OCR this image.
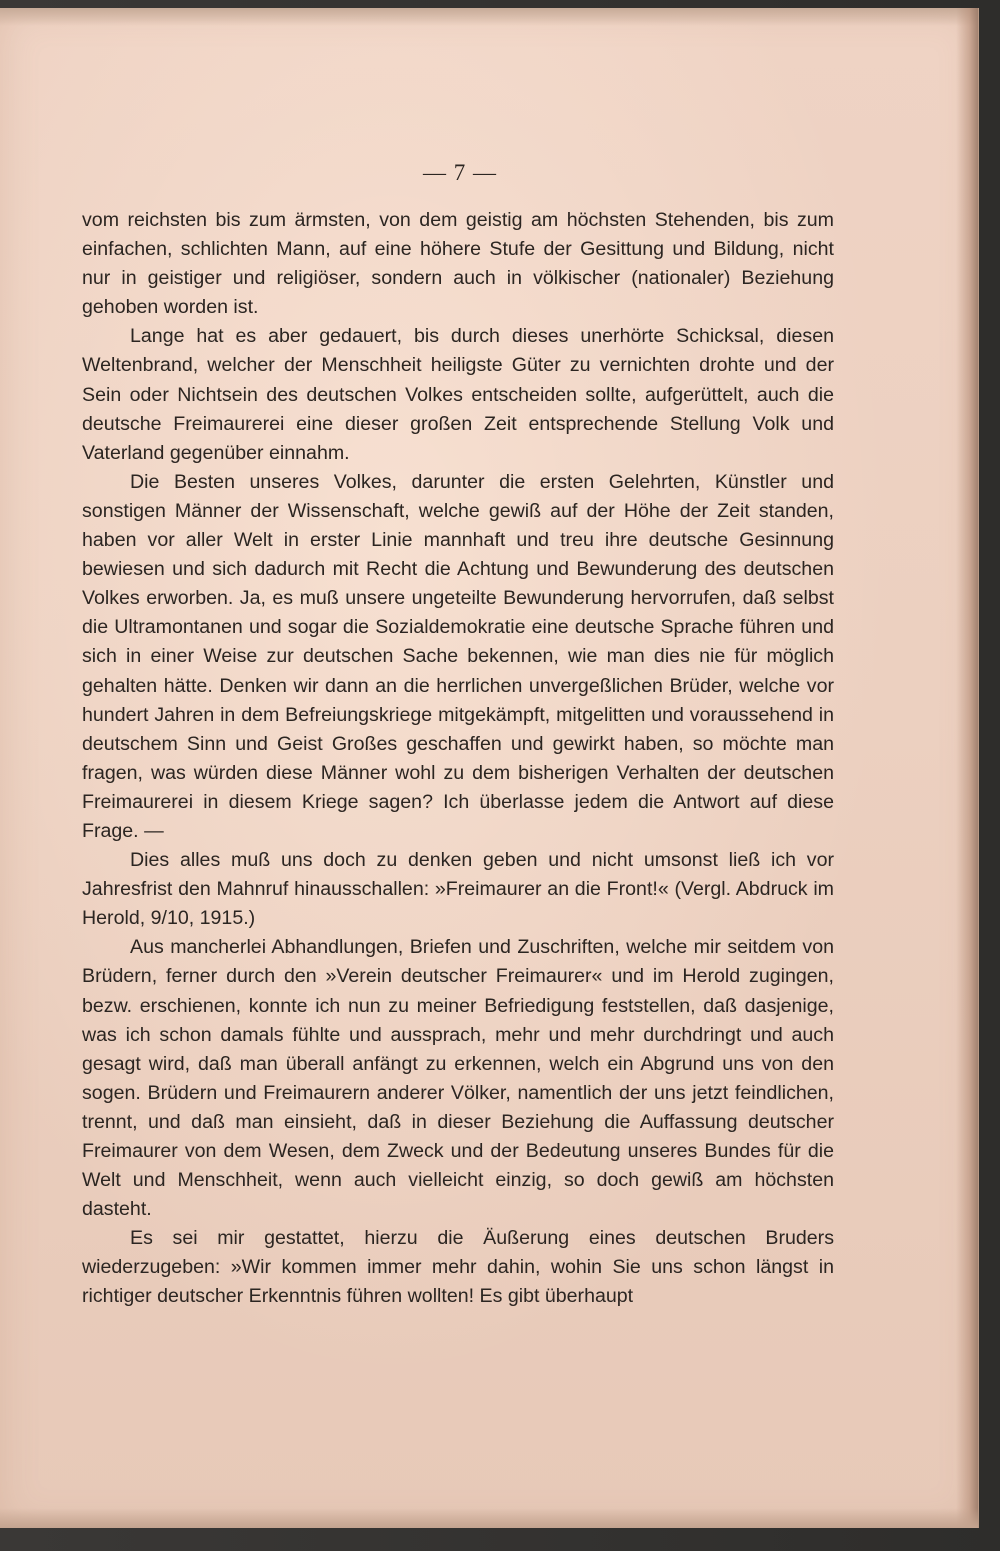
— 7 —

vom reichsten bis zum ärmsten, von dem geistig am höchsten Stehenden, bis zum einfachen, schlichten Mann, auf eine höhere Stufe der Gesittung und Bildung, nicht nur in geistiger und religiöser, sondern auch in völkischer (nationaler) Beziehung gehoben worden ist.

Lange hat es aber gedauert, bis durch dieses unerhörte Schicksal, diesen Weltenbrand, welcher der Menschheit heiligste Güter zu vernichten drohte und der Sein oder Nichtsein des deutschen Volkes entscheiden sollte, aufgerüttelt, auch die deutsche Freimaurerei eine dieser großen Zeit entsprechende Stellung Volk und Vaterland gegenüber einnahm.

Die Besten unseres Volkes, darunter die ersten Gelehrten, Künstler und sonstigen Männer der Wissenschaft, welche gewiß auf der Höhe der Zeit standen, haben vor aller Welt in erster Linie mannhaft und treu ihre deutsche Gesinnung bewiesen und sich dadurch mit Recht die Achtung und Bewunderung des deutschen Volkes erworben. Ja, es muß unsere ungeteilte Bewunderung hervorrufen, daß selbst die Ultramontanen und sogar die Sozialdemokratie eine deutsche Sprache führen und sich in einer Weise zur deutschen Sache bekennen, wie man dies nie für möglich gehalten hätte. Denken wir dann an die herrlichen unvergeßlichen Brüder, welche vor hundert Jahren in dem Befreiungskriege mitgekämpft, mitgelitten und voraussehend in deutschem Sinn und Geist Großes geschaffen und gewirkt haben, so möchte man fragen, was würden diese Männer wohl zu dem bisherigen Verhalten der deutschen Freimaurerei in diesem Kriege sagen? Ich überlasse jedem die Antwort auf diese Frage. —

Dies alles muß uns doch zu denken geben und nicht umsonst ließ ich vor Jahresfrist den Mahnruf hinausschallen: »Freimaurer an die Front!« (Vergl. Abdruck im Herold, 9/10, 1915.)

Aus mancherlei Abhandlungen, Briefen und Zuschriften, welche mir seitdem von Brüdern, ferner durch den »Verein deutscher Freimaurer« und im Herold zugingen, bezw. erschienen, konnte ich nun zu meiner Befriedigung feststellen, daß dasjenige, was ich schon damals fühlte und aussprach, mehr und mehr durchdringt und auch gesagt wird, daß man überall anfängt zu erkennen, welch ein Abgrund uns von den sogen. Brüdern und Freimaurern anderer Völker, namentlich der uns jetzt feindlichen, trennt, und daß man einsieht, daß in dieser Beziehung die Auffassung deutscher Freimaurer von dem Wesen, dem Zweck und der Bedeutung unseres Bundes für die Welt und Menschheit, wenn auch vielleicht einzig, so doch gewiß am höchsten dasteht.

Es sei mir gestattet, hierzu die Äußerung eines deutschen Bruders wiederzugeben: »Wir kommen immer mehr dahin, wohin Sie uns schon längst in richtiger deutscher Erkenntnis führen wollten! Es gibt überhaupt
